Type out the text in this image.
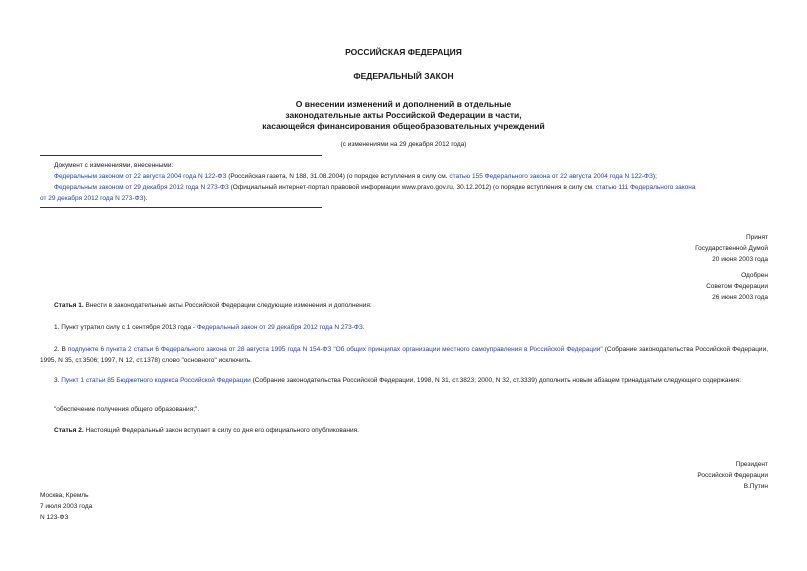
РОССИЙСКАЯ ФЕДЕРАЦИЯ
ФЕДЕРАЛЬНЫЙ ЗАКОН
О внесении изменений и дополнений в отдельные
законодательные акты Российской Федерации в части,
касающейся финансирования общеобразовательных учреждений
(с изменениями на 29 декабря 2012 года)
Документ с изменениями, внесенными:
Федеральным законом от 22 августа 2004 года N 122-ФЗ (Российская газета, N 188, 31.08.2004) (о порядке вступления в силу см. статью 155 Федерального закона от 22 августа 2004 года N 122-ФЗ);
Федеральным законом от 29 декабря 2012 года N 273-ФЗ (Официальный интернет-портал правовой информации www.pravo.gov.ru, 30.12.2012) (о порядке вступления в силу см. статью 111 Федерального закона
от 29 декабря 2012 года N 273-ФЗ).
Принят
Государственной Думой
20 июня 2003 года
Одобрен
Советом Федерации
26 июня 2003 года
Статья 1. Внести в законодательные акты Российской Федерации следующие изменения и дополнения:
1. Пункт утратил силу с 1 сентября 2013 года - Федеральный закон от 29 декабря 2012 года N 273-ФЗ.
2. В подпункте 6 пункта 2 статьи 6 Федерального закона от 28 августа 1995 года N 154-ФЗ "Об общих принципах организации местного самоуправления в Российской Федерации" (Собрание законодательства Российской Федерации, 1995, N 35, ст.3506; 1997, N 12, ст.1378) слово "основного" исключить.
3. Пункт 1 статьи 85 Бюджетного кодекса Российской Федерации (Собрание законодательства Российской Федерации, 1998, N 31, ст.3823; 2000, N 32, ст.3339) дополнить новым абзацем тринадцатым следующего содержания:
"обеспечение получения общего образования;".
Статья 2. Настоящий Федеральный закон вступает в силу со дня его официального опубликования.
Президент
Российской Федерации
В.Путин
Москва, Кремль
7 июля 2003 года
N 123-ФЗ
